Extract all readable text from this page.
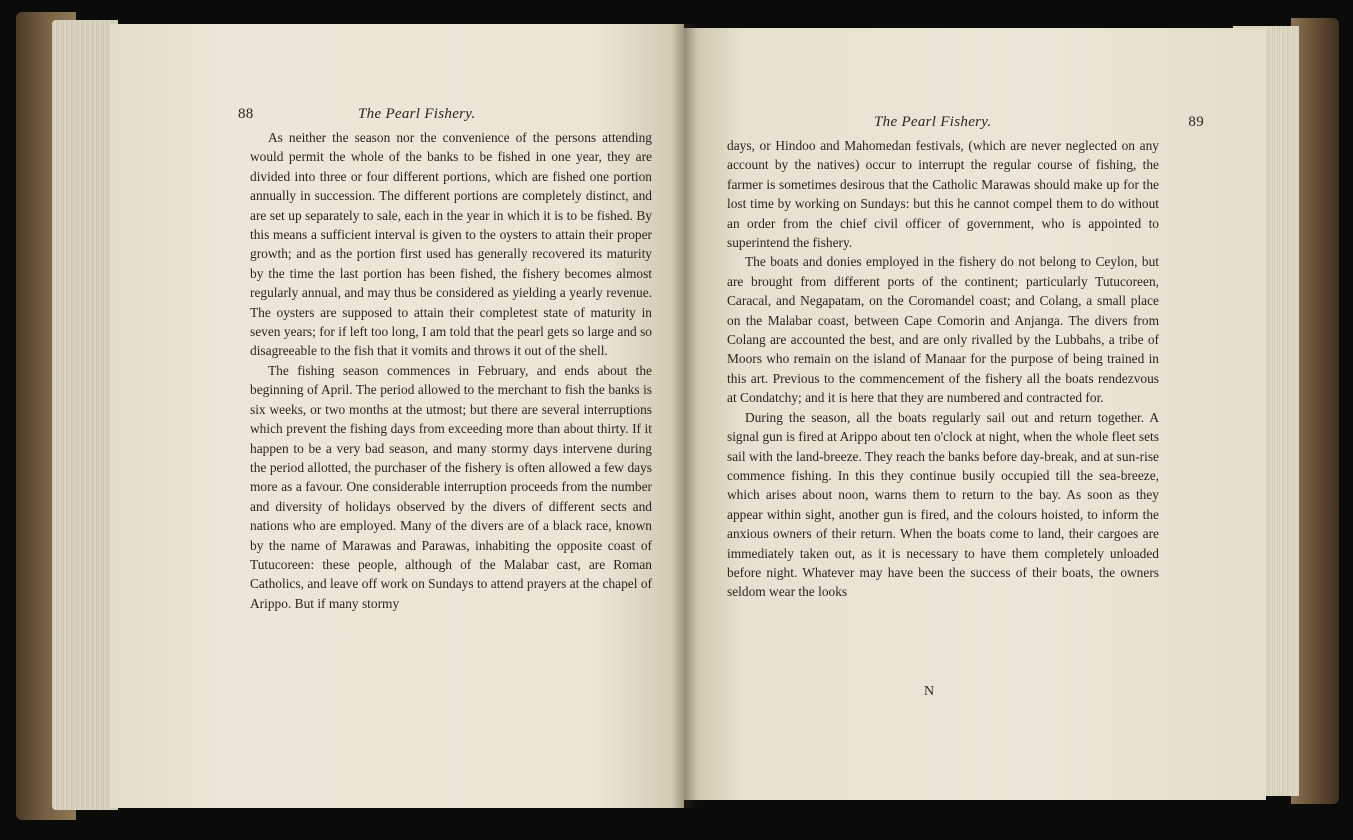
88	The Pearl Fishery.

As neither the season nor the convenience of the persons attending would permit the whole of the banks to be fished in one year, they are divided into three or four different portions, which are fished one portion annually in succession. The different portions are completely distinct, and are set up separately to sale, each in the year in which it is to be fished. By this means a sufficient interval is given to the oysters to attain their proper growth; and as the portion first used has generally recovered its maturity by the time the last portion has been fished, the fishery becomes almost regularly annual, and may thus be considered as yielding a yearly revenue. The oysters are supposed to attain their completest state of maturity in seven years; for if left too long, I am told that the pearl gets so large and so disagreeable to the fish that it vomits and throws it out of the shell.

The fishing season commences in February, and ends about the beginning of April. The period allowed to the merchant to fish the banks is six weeks, or two months at the utmost; but there are several interruptions which prevent the fishing days from exceeding more than about thirty. If it happen to be a very bad season, and many stormy days intervene during the period allotted, the purchaser of the fishery is often allowed a few days more as a favour. One considerable interruption proceeds from the number and diversity of holidays observed by the divers of different sects and nations who are employed. Many of the divers are of a black race, known by the name of Marawas and Parawas, inhabiting the opposite coast of Tutucoreen: these people, although of the Malabar cast, are Roman Catholics, and leave off work on Sundays to attend prayers at the chapel of Arippo. But if many stormy

The Pearl Fishery.	89

days, or Hindoo and Mahomedan festivals, (which are never neglected on any account by the natives) occur to interrupt the regular course of fishing, the farmer is sometimes desirous that the Catholic Marawas should make up for the lost time by working on Sundays: but this he cannot compel them to do without an order from the chief civil officer of government, who is appointed to superintend the fishery.

The boats and donies employed in the fishery do not belong to Ceylon, but are brought from different ports of the continent; particularly Tutucoreen, Caracal, and Negapatam, on the Coromandel coast; and Colang, a small place on the Malabar coast, between Cape Comorin and Anjanga. The divers from Colang are accounted the best, and are only rivalled by the Lubbahs, a tribe of Moors who remain on the island of Manaar for the purpose of being trained in this art. Previous to the commencement of the fishery all the boats rendezvous at Condatchy; and it is here that they are numbered and contracted for.

During the season, all the boats regularly sail out and return together. A signal gun is fired at Arippo about ten o'clock at night, when the whole fleet sets sail with the land-breeze. They reach the banks before day-break, and at sun-rise commence fishing. In this they continue busily occupied till the sea-breeze, which arises about noon, warns them to return to the bay. As soon as they appear within sight, another gun is fired, and the colours hoisted, to inform the anxious owners of their return. When the boats come to land, their cargoes are immediately taken out, as it is necessary to have them completely unloaded before night. Whatever may have been the success of their boats, the owners seldom wear the looks

N
